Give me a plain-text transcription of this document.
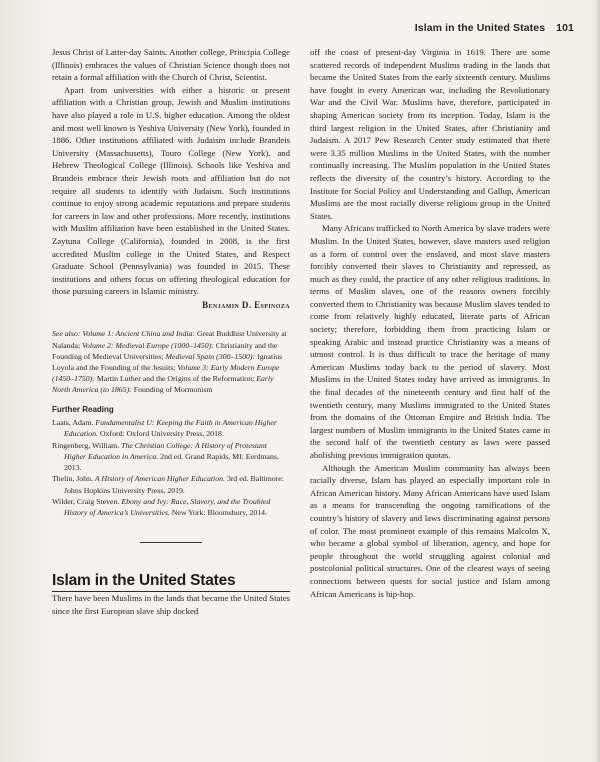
Islam in the United States 101

Jesus Christ of Latter-day Saints. Another college, Principia College (Illinois) embraces the values of Christian Science though does not retain a formal affiliation with the Church of Christ, Scientist.

Apart from universities with either a historic or present affiliation with a Christian group, Jewish and Muslim institutions have also played a role in U.S. higher education. Among the oldest and most well known is Yeshiva University (New York), founded in 1886. Other institutions affiliated with Judaism include Brandeis University (Massachusetts), Touro College (New York), and Hebrew Theological College (Illinois). Schools like Yeshiva and Brandeis embrace their Jewish roots and affiliation but do not require all students to identify with Judaism. Such institutions continue to enjoy strong academic reputations and prepare students for careers in law and other professions. More recently, institutions with Muslim affiliation have been established in the United States. Zaytuna College (California), founded in 2008, is the first accredited Muslim college in the United States, and Respect Graduate School (Pennsylvania) was founded in 2015. These institutions and others focus on offering theological education for those pursuing careers in Islamic ministry.

Benjamin D. Espinoza
See also: Volume 1: Ancient China and India: Great Buddhist University at Nalanda; Volume 2: Medieval Europe (1000–1450): Christianity and the Founding of Medieval Universities; Medieval Spain (300–1500): Ignatius Loyola and the Founding of the Jesuits; Volume 3: Early Modern Europe (1450–1750): Martin Luther and the Origins of the Reformation; Early North America (to 1865): Founding of Mormonism
Further Reading
Laats, Adam. Fundamentalist U: Keeping the Faith in American Higher Education. Oxford: Oxford University Press, 2018.
Ringenberg, William. The Christian College: A History of Protestant Higher Education in America. 2nd ed. Grand Rapids, MI: Eerdmans, 2013.
Thelin, John. A History of American Higher Education. 3rd ed. Baltimore: Johns Hopkins University Press, 2019.
Wilder, Craig Steven. Ebony and Ivy: Race, Slavery, and the Troubled History of America’s Universities. New York: Bloomsbury, 2014.
Islam in the United States

There have been Muslims in the lands that became the United States since the first European slave ship docked

off the coast of present-day Virginia in 1619. There are some scattered records of independent Muslims trading in the lands that became the United States from the early sixteenth century. Muslims have fought in every American war, including the Revolutionary War and the Civil War. Muslims have, therefore, participated in shaping American society from its inception. Today, Islam is the third largest religion in the United States, after Christianity and Judaism. A 2017 Pew Research Center study estimated that there were 3.35 million Muslims in the United States, with the number continually increasing. The Muslim population in the United States reflects the diversity of the country’s history. According to the Institute for Social Policy and Understanding and Gallup, American Muslims are the most racially diverse religious group in the United States.

Many Africans trafficked to North America by slave traders were Muslim. In the United States, however, slave masters used religion as a form of control over the enslaved, and most slave masters forcibly converted their slaves to Christianity and repressed, as much as they could, the practice of any other religious traditions. In terms of Muslim slaves, one of the reasons owners forcibly converted them to Christianity was because Muslim slaves tended to come from relatively highly educated, literate parts of African society; therefore, forbidding them from practicing Islam or speaking Arabic and instead practice Christianity was a means of utmost control. It is thus difficult to trace the heritage of many American Muslims today back to the period of slavery. Most Muslims in the United States today have arrived as immigrants. In the final decades of the nineteenth century and first half of the twentieth century, many Muslims immigrated to the United States from the domains of the Ottoman Empire and British India. The largest numbers of Muslim immigrants to the United States came in the second half of the twentieth century as laws were passed abolishing previous immigration quotas.

Although the American Muslim community has always been racially diverse, Islam has played an especially important role in African American history. Many African Americans have used Islam as a means for transcending the ongoing ramifications of the country’s history of slavery and laws discriminating against persons of color. The most prominent example of this remains Malcolm X, who became a global symbol of liberation, agency, and hope for people throughout the world struggling against colonial and postcolonial political structures. One of the clearest ways of seeing connections between quests for social justice and Islam among African Americans is hip-hop.
